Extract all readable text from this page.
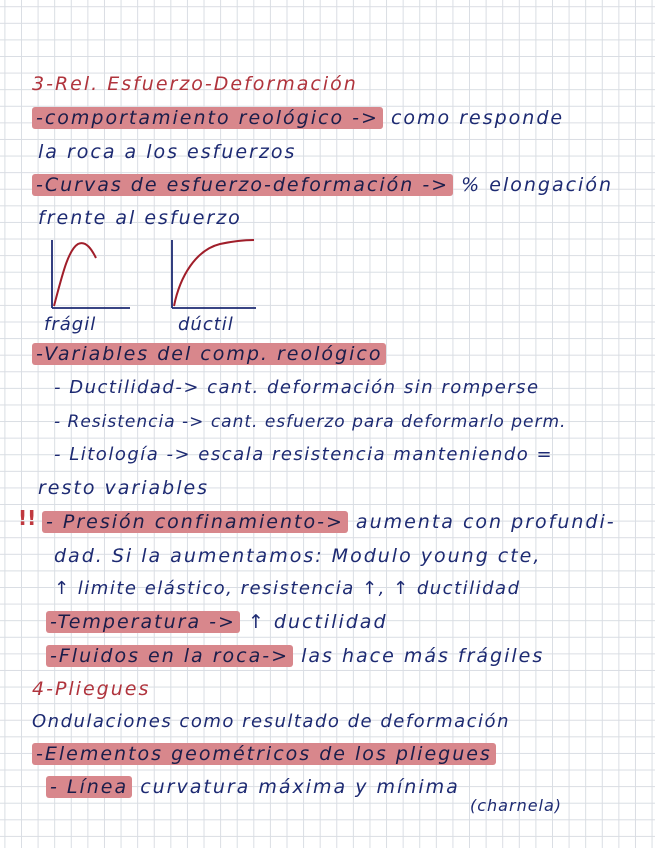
3-Rel. Esfuerzo-Deformación
-comportamiento reológico -> como responde
la roca a los esfuerzos
-Curvas de esfuerzo-deformación -> % elongación
frente al esfuerzo
frágil	dúctil
-Variables del comp. reológico
- Ductilidad-> cant. deformación sin romperse
- Resistencia -> cant. esfuerzo para deformarlo perm.
- Litología -> escala resistencia manteniendo =
resto variables
!! - Presión confinamiento-> aumenta con profundi-
dad. Si la aumentamos: Modulo young cte,
↑ limite elástico, resistencia ↑, ↑ ductilidad
-Temperatura -> ↑ ductilidad
-Fluidos en la roca-> las hace más frágiles
4-Pliegues
Ondulaciones como resultado de deformación
-Elementos geométricos de los pliegues
- Línea curvatura máxima y mínima
(charnela)
